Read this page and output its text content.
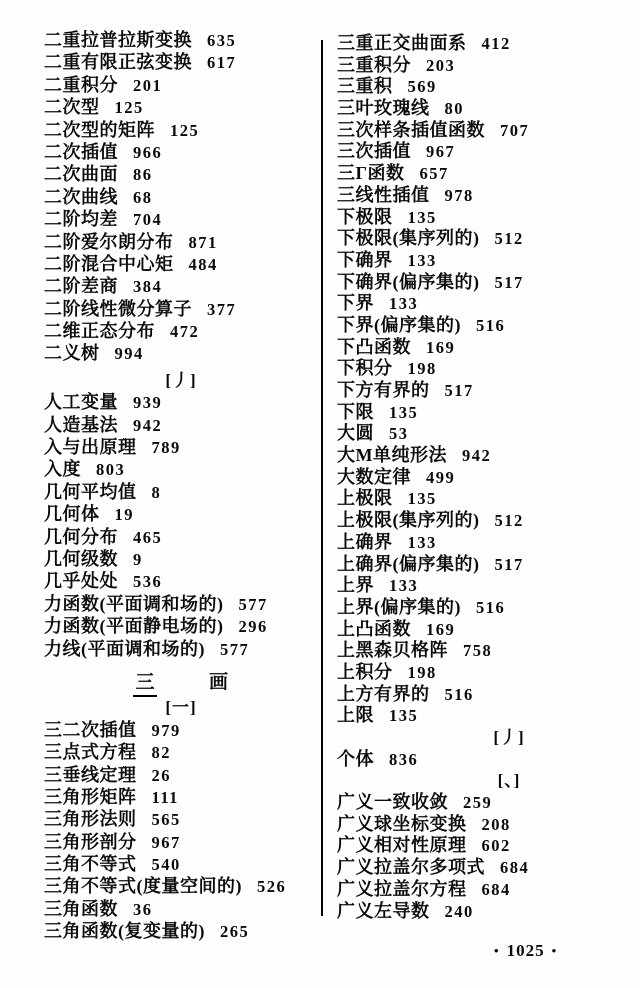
二重拉普拉斯变换 635
二重有限正弦变换 617
二重积分 201
二次型 125
二次型的矩阵 125
二次插值 966
二次曲面 86
二次曲线 68
二阶均差 704
二阶爱尔朗分布 871
二阶混合中心矩 484
二阶差商 384
二阶线性微分算子 377
二维正态分布 472
二义树 994
[丿]
人工变量 939
人造基法 942
入与出原理 789
入度 803
几何平均值 8
几何体 19
几何分布 465
几何级数 9
几乎处处 536
力函数(平面调和场的) 577
力函数(平面静电场的) 296
力线(平面调和场的) 577
三	画
[一]
三二次插值 979
三点式方程 82
三垂线定理 26
三角形矩阵 111
三角形法则 565
三角形剖分 967
三角不等式 540
三角不等式(度量空间的) 526
三角函数 36
三角函数(复变量的) 265
三重正交曲面系 412
三重积分 203
三重积 569
三叶玫瑰线 80
三次样条插值函数 707
三次插值 967
三Γ函数 657
三线性插值 978
下极限 135
下极限(集序列的) 512
下确界 133
下确界(偏序集的) 517
下界 133
下界(偏序集的) 516
下凸函数 169
下积分 198
下方有界的 517
下限 135
大圆 53
大M单纯形法 942
大数定律 499
上极限 135
上极限(集序列的) 512
上确界 133
上确界(偏序集的) 517
上界 133
上界(偏序集的) 516
上凸函数 169
上黑森贝格阵 758
上积分 198
上方有界的 516
上限 135
[丿]
个体 836
[、]
广义一致收敛 259
广义球坐标变换 208
广义相对性原理 602
广义拉盖尔多项式 684
广义拉盖尔方程 684
广义左导数 240
• 1025 •
